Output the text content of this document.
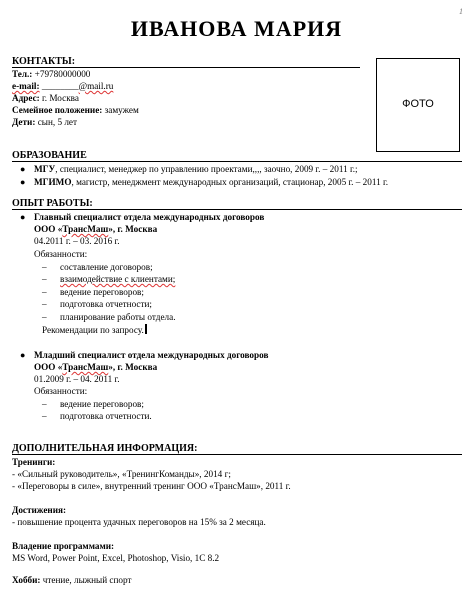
1
ИВАНОВА МАРИЯ
КОНТАКТЫ:
Тел.: +79780000000
e-mail: ________@mail.ru
Адрес: г. Москва
Семейное положение: замужем
Дети: сын, 5 лет
ФОТО
ОБРАЗОВАНИЕ
● МГУ, специалист, менеджер по управлению проектами,,,, заочно, 2009 г. – 2011 г.;
● МГИМО, магистр, менеджмент международных организаций, стационар, 2005 г. – 2011 г.
ОПЫТ РАБОТЫ:
● Главный специалист отдела международных договоров
ООО «ТрансМаш», г. Москва
04.2011 г. – 03. 2016 г.
Обязанности:
– составление договоров;
– взаимодействие с клиентами;
– ведение переговоров;
– подготовка отчетности;
– планирование работы отдела.
Рекомендации по запросу.
● Младший специалист отдела международных договоров
ООО «ТрансМаш», г. Москва
01.2009 г. – 04. 2011 г.
Обязанности:
– ведение переговоров;
– подготовка отчетности.
ДОПОЛНИТЕЛЬНАЯ ИНФОРМАЦИЯ:
Тренинги:
- «Сильный руководитель», «ТренингКоманды», 2014 г;
- «Переговоры в силе», внутренний тренинг ООО «ТрансМаш», 2011 г.
Достижения:
- повышение процента удачных переговоров на 15% за 2 месяца.
Владение программами:
MS Word, Power Point, Excel, Photoshop, Visio, 1С 8.2
Хобби: чтение, лыжный спорт
